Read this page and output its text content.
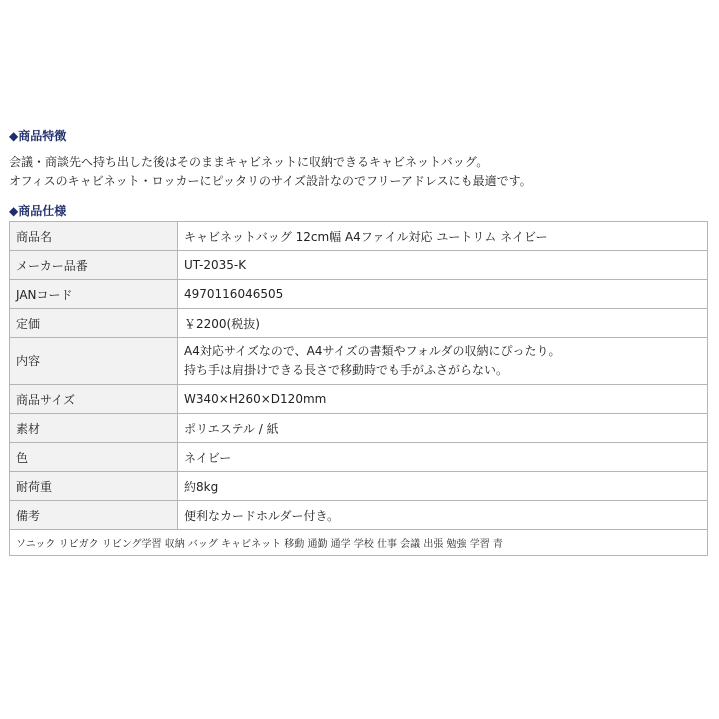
◆商品特徴
会議・商談先へ持ち出した後はそのままキャビネットに収納できるキャビネットバッグ。
オフィスのキャビネット・ロッカーにピッタリのサイズ設計なのでフリーアドレスにも最適です。
◆商品仕様
商品名	キャビネットバッグ 12cm幅 A4ファイル対応 ユートリム ネイビー
メーカー品番	UT-2035-K
JANコード	4970116046505
定価	￥2200(税抜)
内容	A4対応サイズなので、A4サイズの書類やフォルダの収納にぴったり。
持ち手は肩掛けできる長さで移動時でも手がふさがらない。

商品サイズ	W340×H260×D120mm
素材	ポリエステル / 紙
色	ネイビー
耐荷重	約8kg
備考	便利なカードホルダー付き。
ソニック リビガク リビング学習 収納 バッグ キャビネット 移動 通勤 通学 学校 仕事 会議 出張 勉強 学習 青	
